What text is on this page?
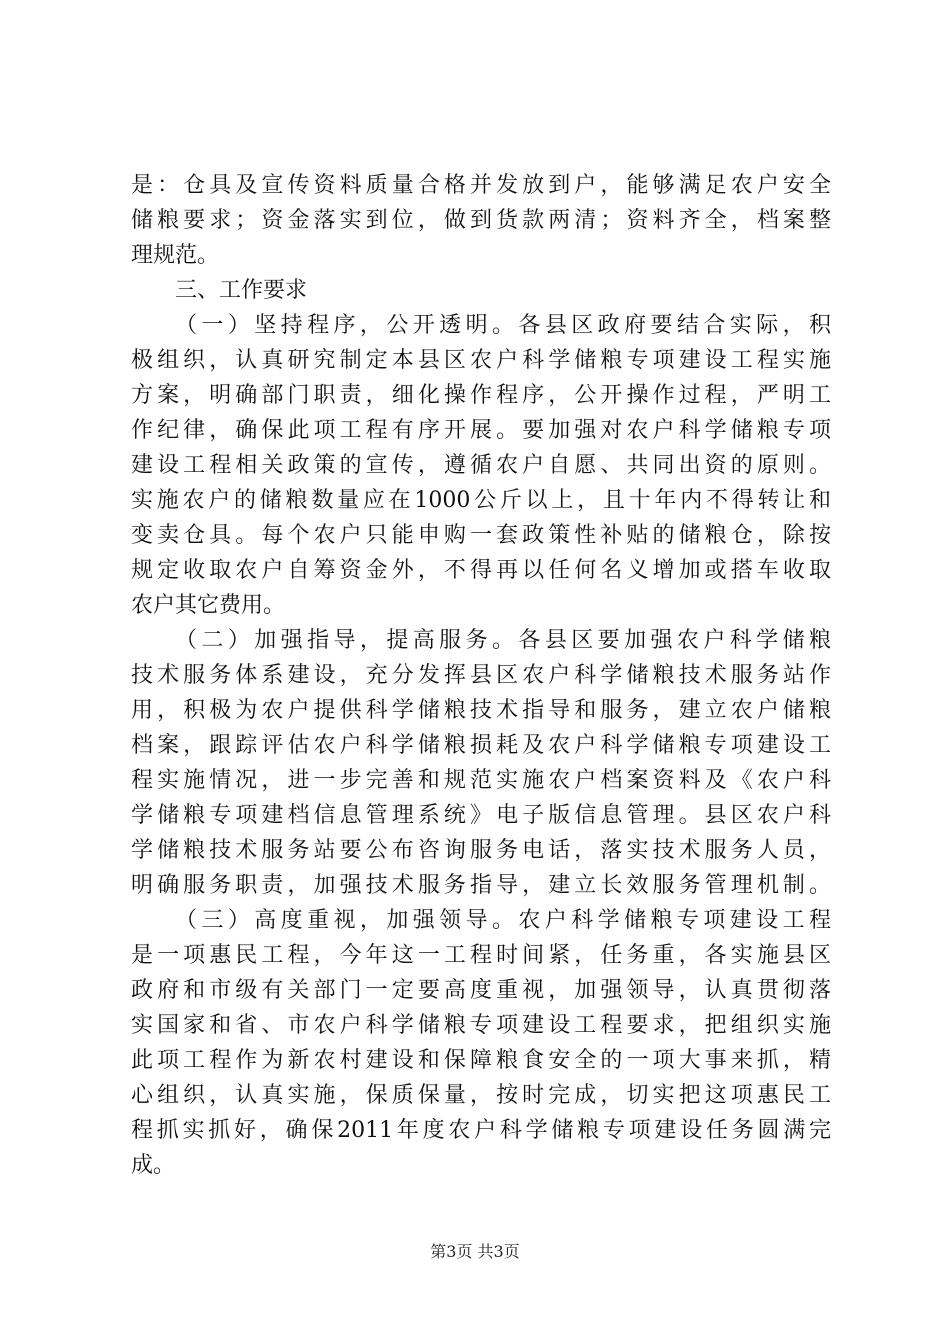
是：仓具及宣传资料质量合格并发放到户，能够满足农户安全
储粮要求；资金落实到位，做到货款两清；资料齐全，档案整
理规范。
三、工作要求
（一）坚持程序，公开透明。各县区政府要结合实际，积
极组织，认真研究制定本县区农户科学储粮专项建设工程实施
方案，明确部门职责，细化操作程序，公开操作过程，严明工
作纪律，确保此项工程有序开展。要加强对农户科学储粮专项
建设工程相关政策的宣传，遵循农户自愿、共同出资的原则。
实施农户的储粮数量应在1000公斤以上，且十年内不得转让和
变卖仓具。每个农户只能申购一套政策性补贴的储粮仓，除按
规定收取农户自筹资金外，不得再以任何名义增加或搭车收取
农户其它费用。
（二）加强指导，提高服务。各县区要加强农户科学储粮
技术服务体系建设，充分发挥县区农户科学储粮技术服务站作
用，积极为农户提供科学储粮技术指导和服务，建立农户储粮
档案，跟踪评估农户科学储粮损耗及农户科学储粮专项建设工
程实施情况，进一步完善和规范实施农户档案资料及《农户科
学储粮专项建档信息管理系统》电子版信息管理。县区农户科
学储粮技术服务站要公布咨询服务电话，落实技术服务人员，
明确服务职责，加强技术服务指导，建立长效服务管理机制。
（三）高度重视，加强领导。农户科学储粮专项建设工程
是一项惠民工程，今年这一工程时间紧，任务重，各实施县区
政府和市级有关部门一定要高度重视，加强领导，认真贯彻落
实国家和省、市农户科学储粮专项建设工程要求，把组织实施
此项工程作为新农村建设和保障粮食安全的一项大事来抓，精
心组织，认真实施，保质保量，按时完成，切实把这项惠民工
程抓实抓好，确保2011年度农户科学储粮专项建设任务圆满完
成。
第3页 共3页
